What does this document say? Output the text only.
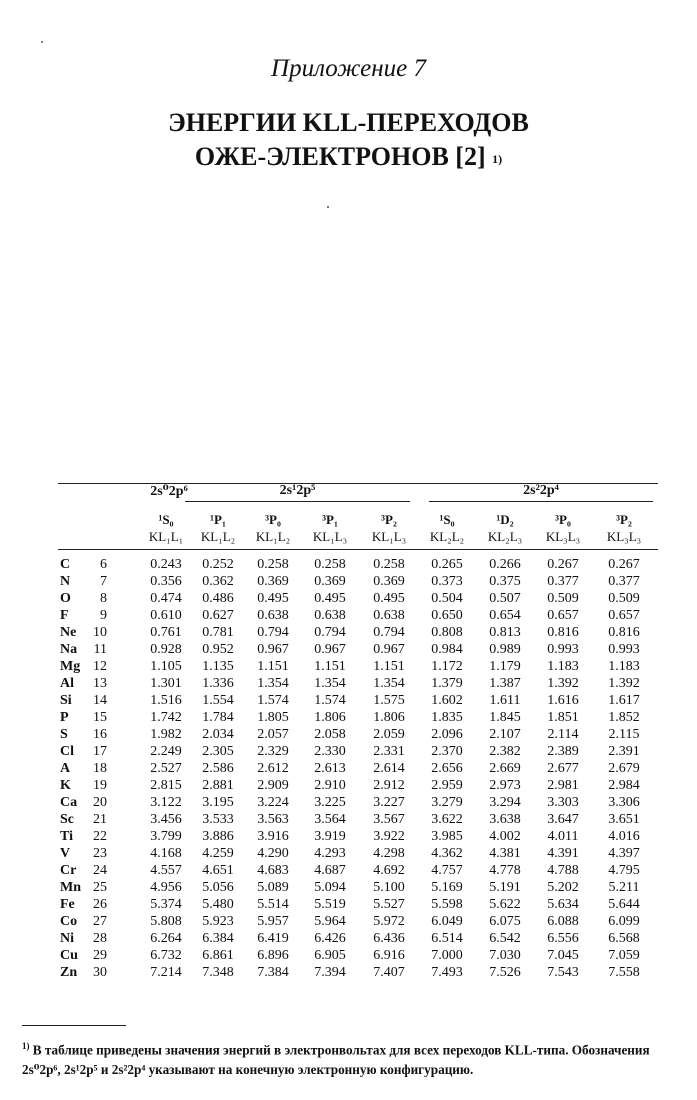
Приложение 7
ЭНЕРГИИ KLL-ПЕРЕХОДОВ
ОЖЕ-ЭЛЕКТРОНОВ [2] $^{1)}$
2s⁰2p⁶	2s¹2p⁵	2s²2p⁴
¹S₀	¹P₁	³P₀	³P₁	³P₂	¹S₀	¹D₂	³P₀	³P₂
KL₁L₁	KL₁L₂	KL₁L₂	KL₁L₃	KL₁L₃	KL₂L₂	KL₂L₃	KL₃L₃	KL₃L₃
C	6	0.243	0.252	0.258	0.258	0.258	0.265	0.266	0.267	0.267
N	7	0.356	0.362	0.369	0.369	0.369	0.373	0.375	0.377	0.377
O	8	0.474	0.486	0.495	0.495	0.495	0.504	0.507	0.509	0.509
F	9	0.610	0.627	0.638	0.638	0.638	0.650	0.654	0.657	0.657
Ne	10	0.761	0.781	0.794	0.794	0.794	0.808	0.813	0.816	0.816
Na	11	0.928	0.952	0.967	0.967	0.967	0.984	0.989	0.993	0.993
Mg 12	1.105	1.135	1.151	1.151	1.151	1.172	1.179	1.183	1.183
Al	13	1.301	1.336	1.354	1.354	1.354	1.379	1.387	1.392	1.392
Si	14	1.516	1.554	1.574	1.574	1.575	1.602	1.611	1.616	1.617
P	15	1.742	1.784	1.805	1.806	1.806	1.835	1.845	1.851	1.852
S	16	1.982	2.034	2.057	2.058	2.059	2.096	2.107	2.114	2.115
Cl	17	2.249	2.305	2.329	2.330	2.331	2.370	2.382	2.389	2.391
A	18	2.527	2.586	2.612	2.613	2.614	2.656	2.669	2.677	2.679
K	19	2.815	2.881	2.909	2.910	2.912	2.959	2.973	2.981	2.984
Ca	20	3.122	3.195	3.224	3.225	3.227	3.279	3.294	3.303	3.306
Sc	21	3.456	3.533	3.563	3.564	3.567	3.622	3.638	3.647	3.651
Ti	22	3.799	3.886	3.916	3.919	3.922	3.985	4.002	4.011	4.016
V	23	4.168	4.259	4.290	4.293	4.298	4.362	4.381	4.391	4.397
Cr	24	4.557	4.651	4.683	4.687	4.692	4.757	4.778	4.788	4.795
Mn 25	4.956	5.056	5.089	5.094	5.100	5.169	5.191	5.202	5.211
Fe	26	5.374	5.480	5.514	5.519	5.527	5.598	5.622	5.634	5.644
Co	27	5.808	5.923	5.957	5.964	5.972	6.049	6.075	6.088	6.099
Ni	28	6.264	6.384	6.419	6.426	6.436	6.514	6.542	6.556	6.568
Cu	29	6.732	6.861	6.896	6.905	6.916	7.000	7.030	7.045	7.059
Zn	30	7.214	7.348	7.384	7.394	7.407	7.493	7.526	7.543	7.558
$^{1)}$ В таблице приведены значения энергий в электронвольтах для всех переходов KLL-типа. Обозначения 2s⁰2p⁶, 2s¹2p⁵ и 2s²2p⁴ указывают на конечную электронную конфигурацию.
